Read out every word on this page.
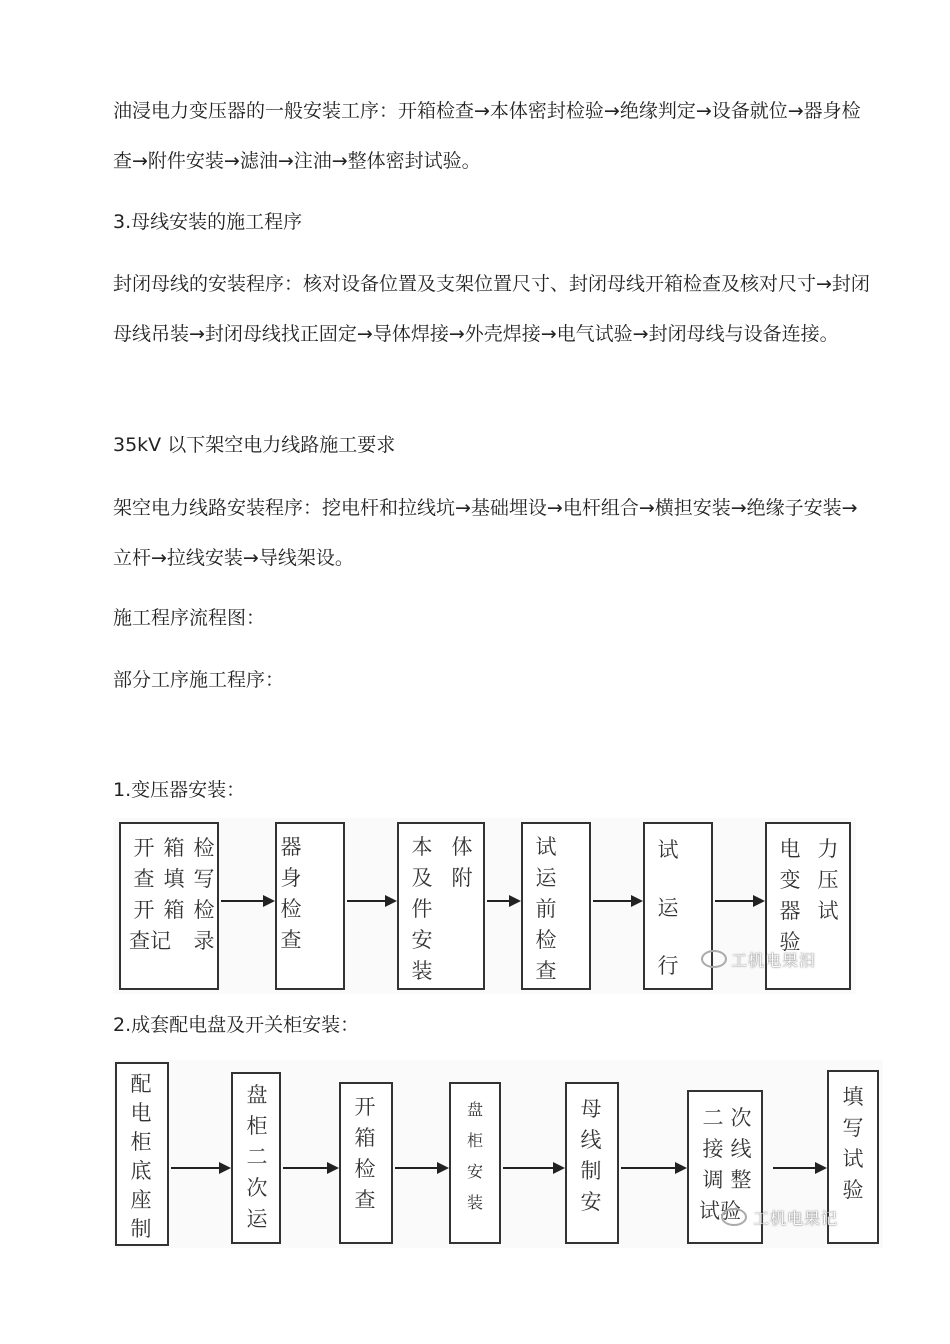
油浸电力变压器的一般安装工序：开箱检查→本体密封检验→绝缘判定→设备就位→器身检查→附件安装→滤油→注油→整体密封试验。

3.母线安装的施工程序

封闭母线的安装程序：核对设备位置及支架位置尺寸、封闭母线开箱检查及核对尺寸→封闭母线吊装→封闭母线找正固定→导体焊接→外壳焊接→电气试验→封闭母线与设备连接。

35kV 以下架空电力线路施工要求

架空电力线路安装程序：挖电杆和拉线坑→基础埋设→电杆组合→横担安装→绝缘子安装→立杆→拉线安装→导线架设。

施工程序流程图：

部分工序施工程序：

1.变压器安装：

2.成套配电盘及开关柜安装：

开 箱 检
查 填 写
开 箱 检
查记 录
器
身
检
查
本
及
件
安
装
体
附
试
运
前
检
查
试
运
行
电
变
器
验
力
压
试
工机电果汨
配
电
柜
底
座
制
盘
柜
二
次
运
开
箱
检
查
盘
柜
安
装
母
线
制
安
二 次
接 线
调 整
试验
填
写
试
验
工机电果记
